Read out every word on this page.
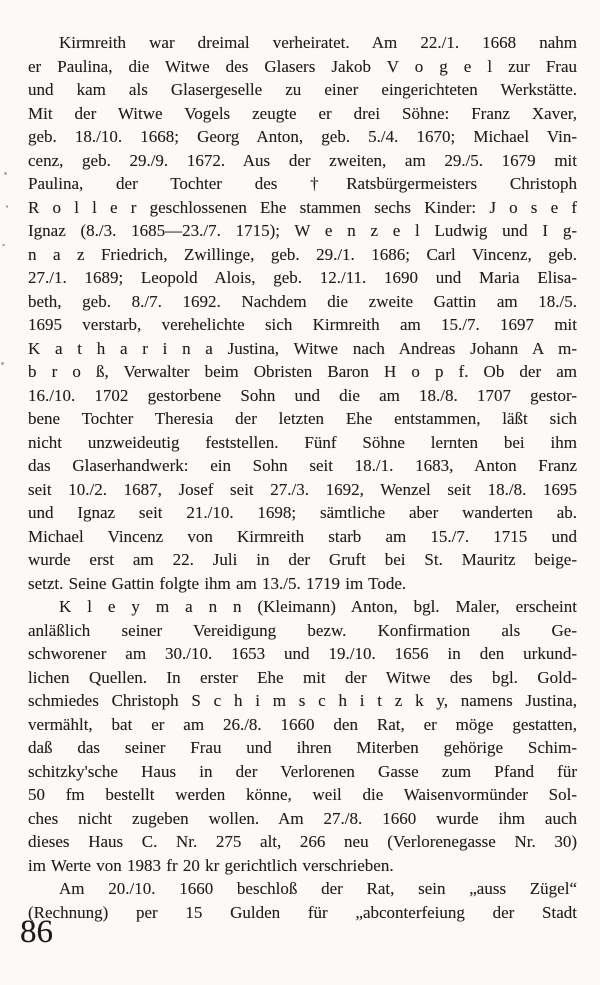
Kirmreith war dreimal verheiratet. Am 22./1. 1668 nahm
er Paulina, die Witwe des Glasers Jakob V o g e l zur Frau
und kam als Glasergeselle zu einer eingerichteten Werkstätte.
Mit der Witwe Vogels zeugte er drei Söhne: Franz Xaver,
geb. 18./10. 1668; Georg Anton, geb. 5./4. 1670; Michael Vin-
cenz, geb. 29./9. 1672. Aus der zweiten, am 29./5. 1679 mit
Paulina, der Tochter des †Ratsbürgermeisters Christoph
R o l l e r geschlossenen Ehe stammen sechs Kinder: J o s e f
Ignaz (8./3. 1685—23./7. 1715); W e n z e l Ludwig und I g-
n a z Friedrich, Zwillinge, geb. 29./1. 1686; Carl Vincenz, geb.
27./1. 1689; Leopold Alois, geb. 12./11. 1690 und Maria Elisa-
beth, geb. 8./7. 1692. Nachdem die zweite Gattin am 18./5.
1695 verstarb, verehelichte sich Kirmreith am 15./7. 1697 mit
K a t h a r i n a Justina, Witwe nach Andreas Johann A m-
b r o ß, Verwalter beim Obristen Baron H o p f. Ob der am
16./10. 1702 gestorbene Sohn und die am 18./8. 1707 gestor-
bene Tochter Theresia der letzten Ehe entstammen, läßt sich
nicht unzweideutig feststellen. Fünf Söhne lernten bei ihm
das Glaserhandwerk: ein Sohn seit 18./1. 1683, Anton Franz
seit 10./2. 1687, Josef seit 27./3. 1692, Wenzel seit 18./8. 1695
und Ignaz seit 21./10. 1698; sämtliche aber wanderten ab.
Michael Vincenz von Kirmreith starb am 15./7. 1715 und
wurde erst am 22. Juli in der Gruft bei St. Mauritz beige-
setzt. Seine Gattin folgte ihm am 13./5. 1719 im Tode.
K l e y m a n n (Kleimann) Anton, bgl. Maler, erscheint
anläßlich seiner Vereidigung bezw. Konfirmation als Ge-
schworener am 30./10. 1653 und 19./10. 1656 in den urkund-
lichen Quellen. In erster Ehe mit der Witwe des bgl. Gold-
schmiedes Christoph S c h i m s c h i t z k y, namens Justina,
vermählt, bat er am 26./8. 1660 den Rat, er möge gestatten,
daß das seiner Frau und ihren Miterben gehörige Schim-
schitzky'sche Haus in der Verlorenen Gasse zum Pfand für
50 fm bestellt werden könne, weil die Waisenvormünder Sol-
ches nicht zugeben wollen. Am 27./8. 1660 wurde ihm auch
dieses Haus C. Nr. 275 alt, 266 neu (Verlorenegasse Nr. 30)
im Werte von 1983 fr 20 kr gerichtlich verschrieben.
Am 20./10. 1660 beschloß der Rat, sein „auss Zügel“
(Rechnung) per 15 Gulden für „abconterfeiung der Stadt
86
